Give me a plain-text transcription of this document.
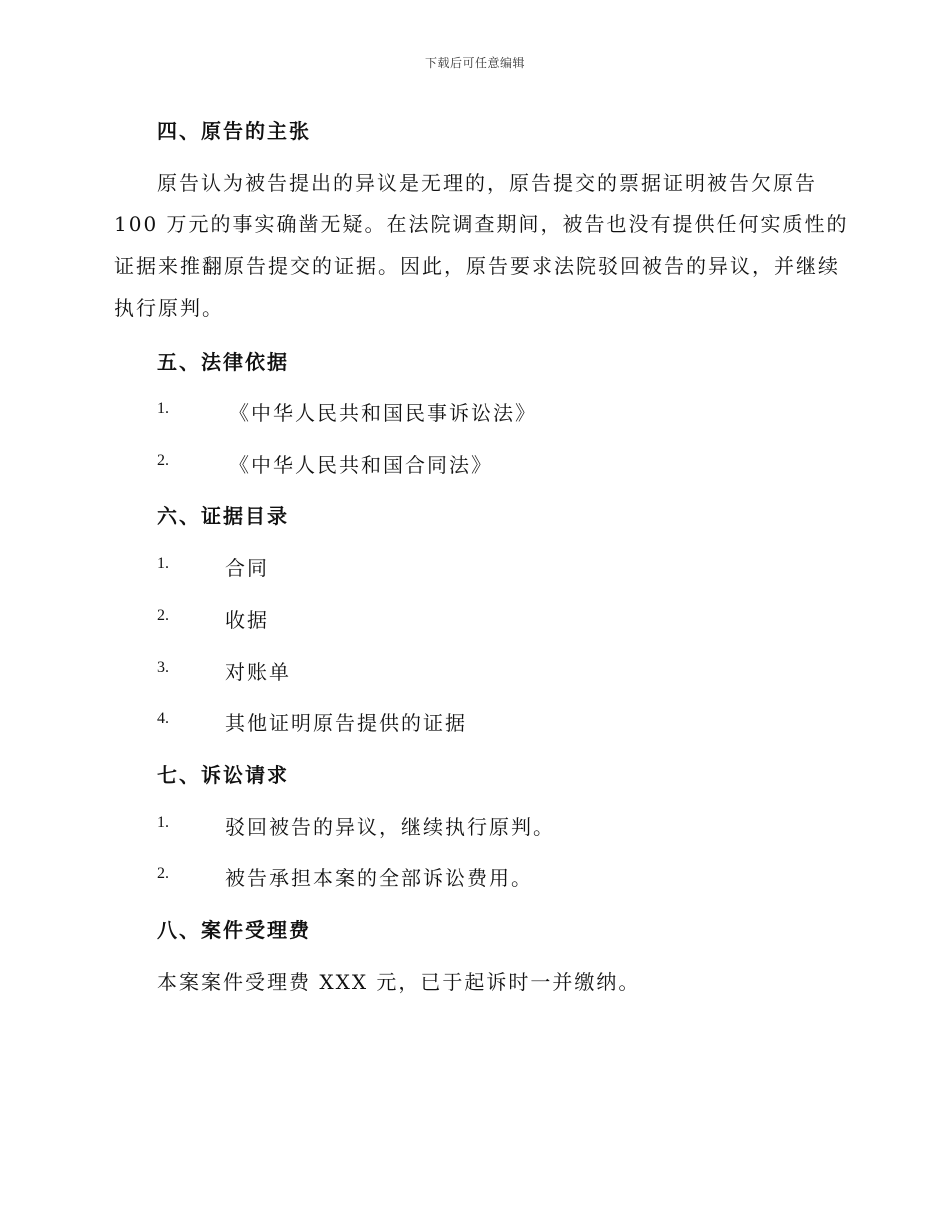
下载后可任意编辑
四、原告的主张
原告认为被告提出的异议是无理的，原告提交的票据证明被告欠原告
100 万元的事实确凿无疑。在法院调查期间，被告也没有提供任何实质性的
证据来推翻原告提交的证据。因此，原告要求法院驳回被告的异议，并继续
执行原判。
五、法律依据
1.	《中华人民共和国民事诉讼法》
2.	《中华人民共和国合同法》
六、证据目录
1.	合同
2.	收据
3.	对账单
4.	其他证明原告提供的证据
七、诉讼请求
1.	驳回被告的异议，继续执行原判。
2.	被告承担本案的全部诉讼费用。
八、案件受理费
本案案件受理费 XXX 元，已于起诉时一并缴纳。
